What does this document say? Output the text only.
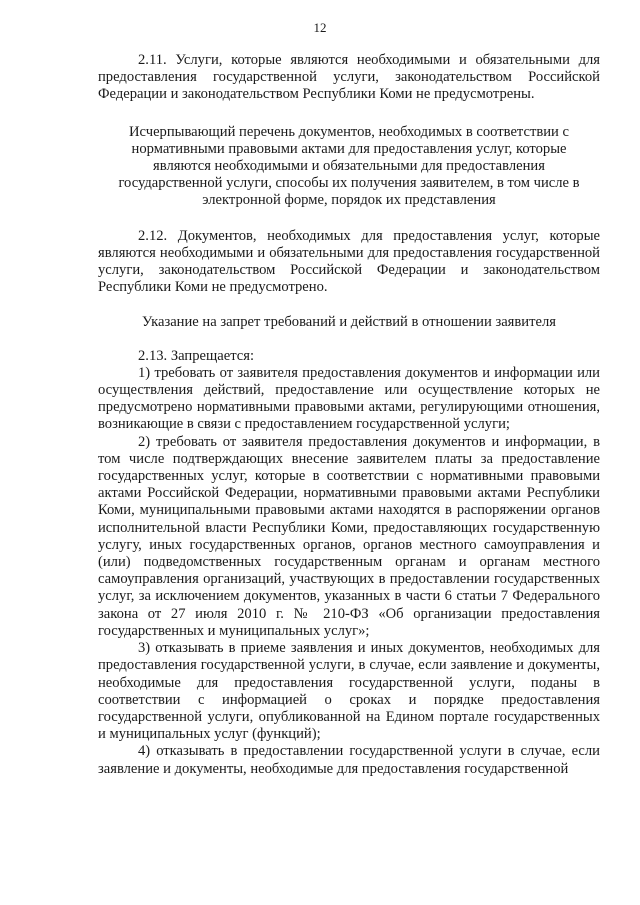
12

2.11. Услуги, которые являются необходимыми и обязательными для предоставления государственной услуги, законодательством Российской Федерации и законодательством Республики Коми не предусмотрены.

Исчерпывающий перечень документов, необходимых в соответствии с нормативными правовыми актами для предоставления услуг, которые являются необходимыми и обязательными для предоставления государственной услуги, способы их получения заявителем, в том числе в электронной форме, порядок их представления

2.12. Документов, необходимых для предоставления услуг, которые являются необходимыми и обязательными для предоставления государственной услуги, законодательством Российской Федерации и законодательством Республики Коми не предусмотрено.

Указание на запрет требований и действий в отношении заявителя

2.13. Запрещается:

1) требовать от заявителя предоставления документов и информации или осуществления действий, предоставление или осуществление которых не предусмотрено нормативными правовыми актами, регулирующими отношения, возникающие в связи с предоставлением государственной услуги;

2) требовать от заявителя предоставления документов и информации, в том числе подтверждающих внесение заявителем платы за предоставление государственных услуг, которые в соответствии с нормативными правовыми актами Российской Федерации, нормативными правовыми актами Республики Коми, муниципальными правовыми актами находятся в распоряжении органов исполнительной власти Республики Коми, предоставляющих государственную услугу, иных государственных органов, органов местного самоуправления и (или) подведомственных государственным органам и органам местного самоуправления организаций, участвующих в предоставлении государственных услуг, за исключением документов, указанных в части 6 статьи 7 Федерального закона от 27 июля 2010 г. № 210-ФЗ «Об организации предоставления государственных и муниципальных услуг»;

3) отказывать в приеме заявления и иных документов, необходимых для предоставления государственной услуги, в случае, если заявление и документы, необходимые для предоставления государственной услуги, поданы в соответствии с информацией о сроках и порядке предоставления государственной услуги, опубликованной на Едином портале государственных и муниципальных услуг (функций);

4) отказывать в предоставлении государственной услуги в случае, если заявление и документы, необходимые для предоставления государственной
